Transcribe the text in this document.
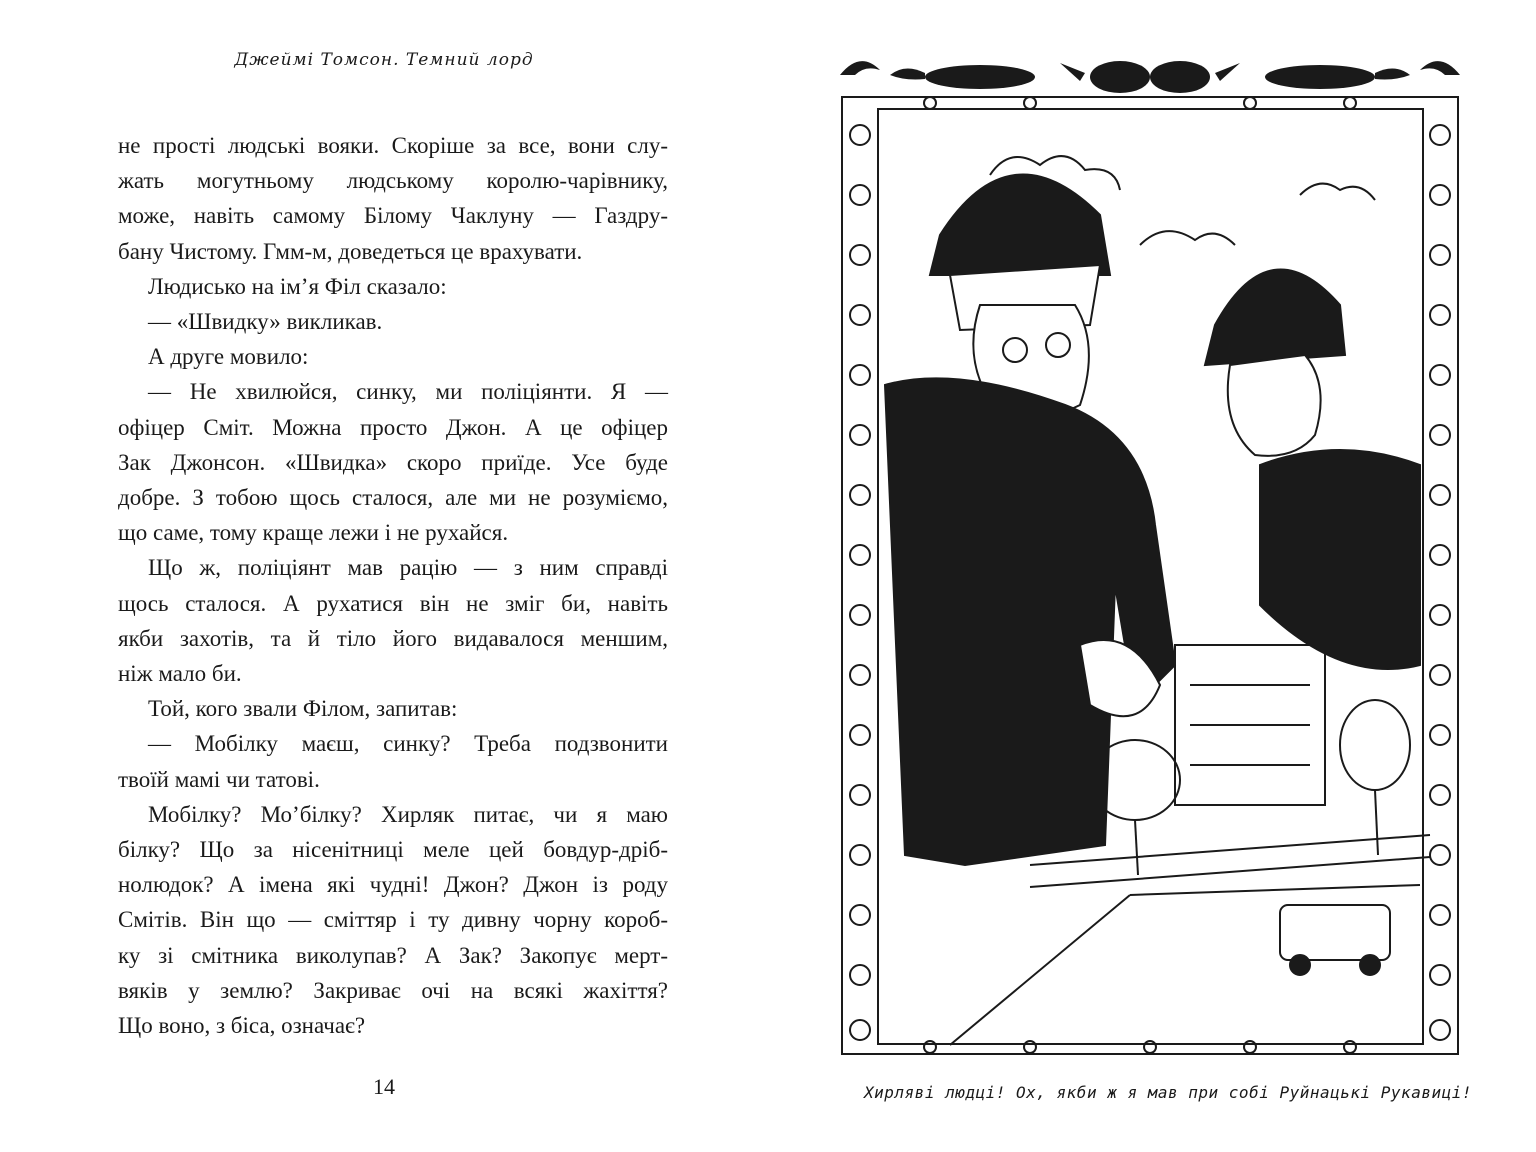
Джеймі Томсон. Темний лорд

не прості людські вояки. Скоріше за все, вони слу-

жать могутньому людському королю-чарівнику,

може, навіть самому Білому Чаклуну — Газдру-

бану Чистому. Гмм-м, доведеться це врахувати.

Людисько на ім’я Філ сказало:

— «Швидку» викликав.

А друге мовило:

— Не хвилюйся, синку, ми поліціянти. Я —

офіцер Сміт. Можна просто Джон. А це офіцер

Зак Джонсон. «Швидка» скоро приїде. Усе буде

добре. З тобою щось сталося, але ми не розуміємо,

що саме, тому краще лежи і не рухайся.

Що ж, поліціянт мав рацію — з ним справді

щось сталося. А рухатися він не зміг би, навіть

якби захотів, та й тіло його видавалося меншим,

ніж мало би.

Той, кого звали Філом, запитав:

— Мобілку маєш, синку? Треба подзвонити

твоїй мамі чи татові.

Мобілку? Мо’білку? Хирляк питає, чи я маю

білку? Що за нісенітниці меле цей бовдур-дріб-

нолюдок? А імена які чудні! Джон? Джон із роду

Смітів. Він що — сміттяр і ту дивну чорну короб-

ку зі смітника виколупав? А Зак? Закопує мерт-

вяків у землю? Закриває очі на всякі жахіття?

Що воно, з біса, означає?

14	Хирляві людці! Ох, якби ж я мав при собі Руйнацькі Рукавиці!
